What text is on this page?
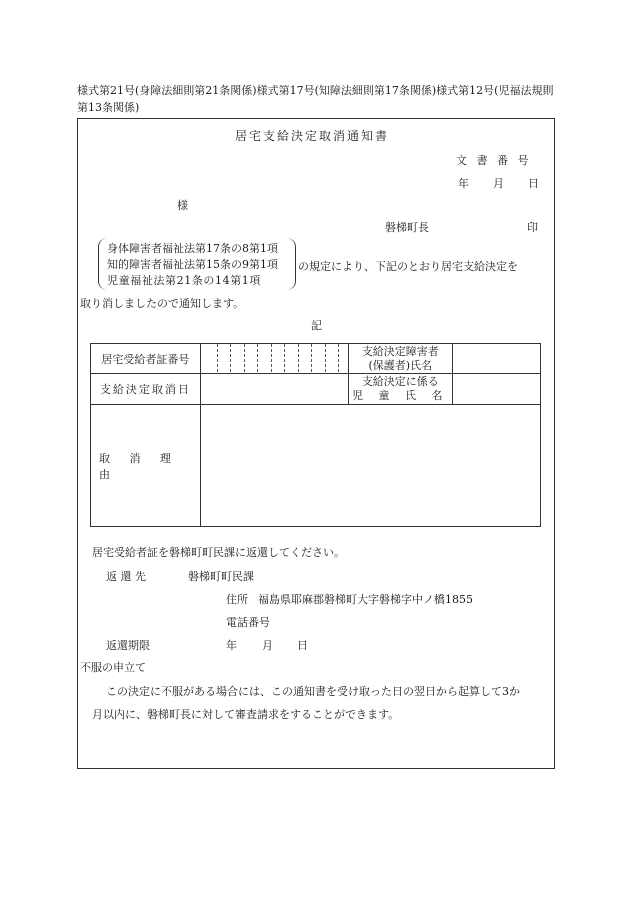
様式第21号(身障法細則第21条関係)様式第17号(知障法細則第17条関係)様式第12号(児福法規則第13条関係)
居宅支給決定取消通知書
文 書 番 号
年 月 日
様
磐梯町長	印
身体障害者福祉法第17条の8第1項
知的障害者福祉法第15条の9第1項
児童福祉法第21条の14第1項
の規定により、下記のとおり居宅支給決定を
取り消しましたので通知します。
記
居宅受給者証番号		支給決定障害者
(保護者)氏名	

支給決定取消日		支給決定に係る
児 童 氏 名	

取 消 理 由			
居宅受給者証を磐梯町町民課に返還してください。
返 還 先	磐梯町町民課
住所 福島県耶麻郡磐梯町大字磐梯字中ノ橋1855
電話番号
返還期限	年 月 日
不服の申立て
この決定に不服がある場合には、この通知書を受け取った日の翌日から起算して3か
月以内に、磐梯町長に対して審査請求をすることができます。
